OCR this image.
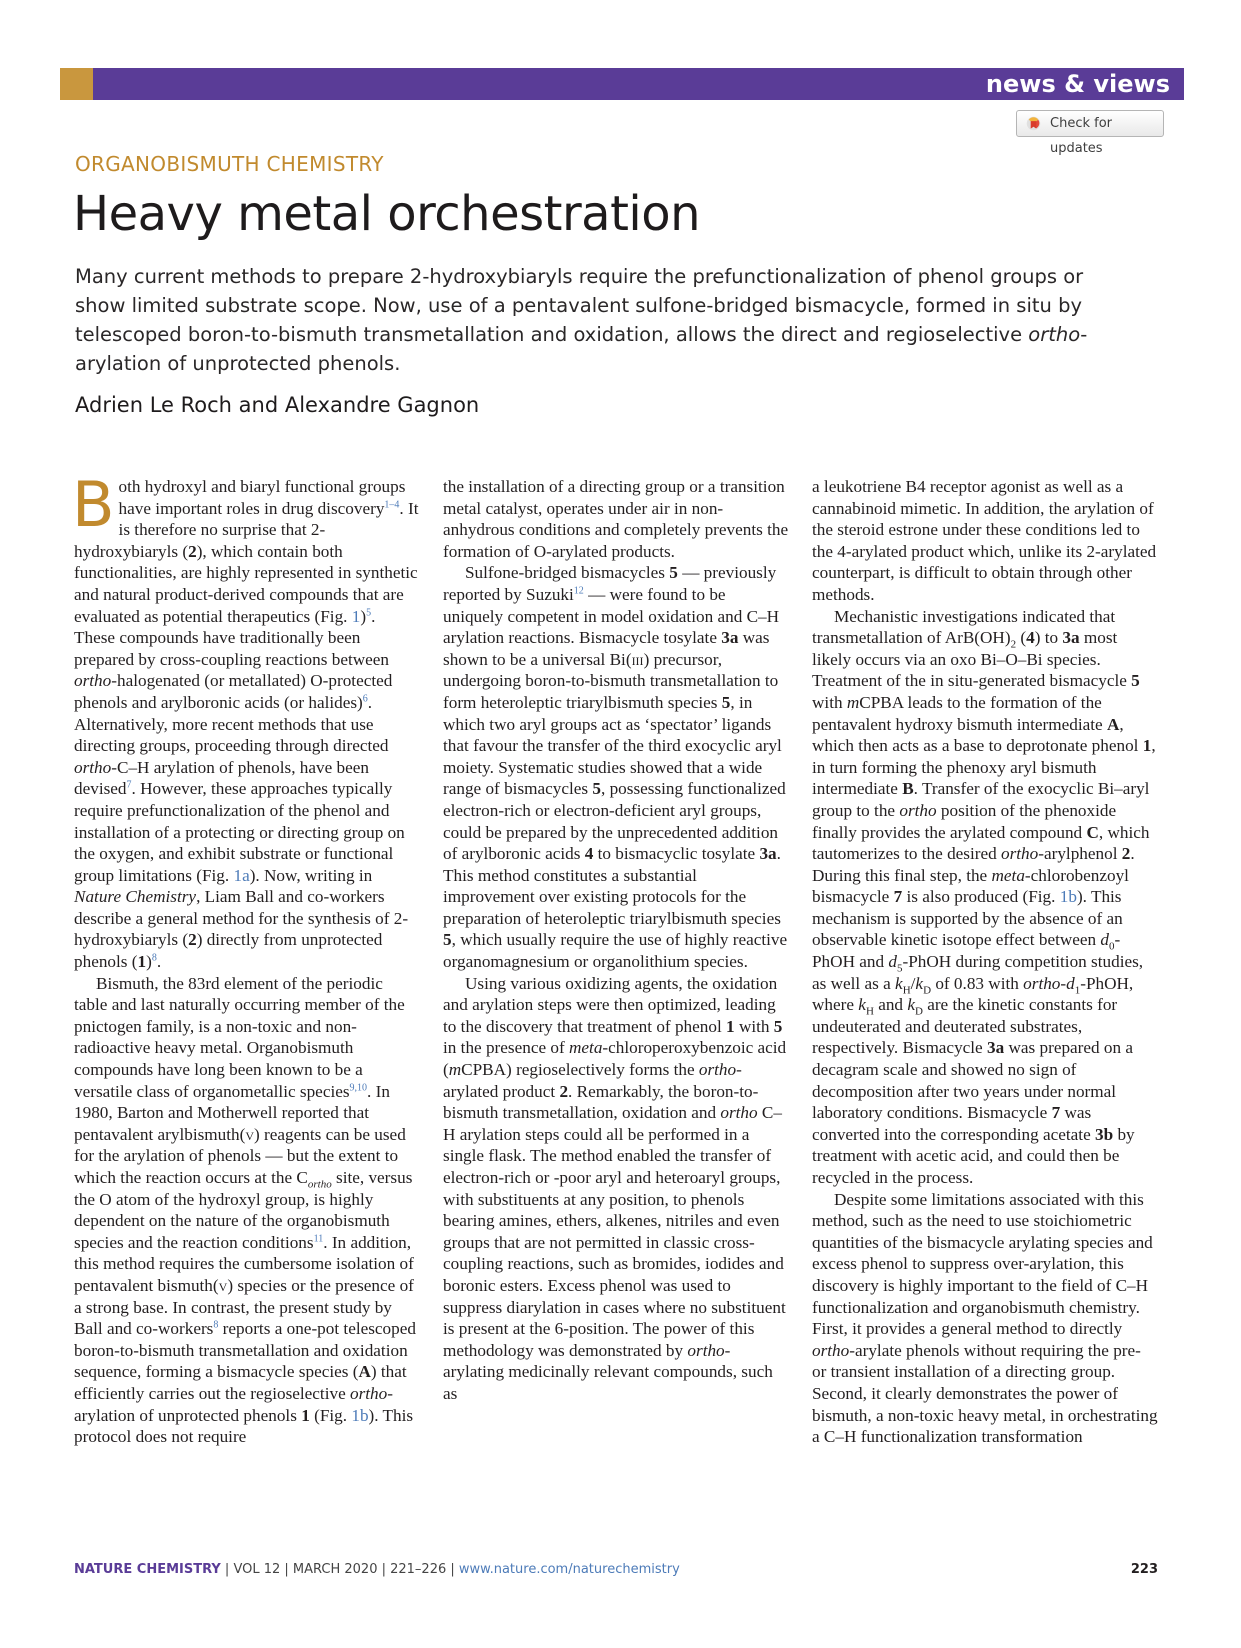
news & views
Check for updates
ORGANOBISMUTH CHEMISTRY
Heavy metal orchestration

Many current methods to prepare 2-hydroxybiaryls require the prefunctionalization of phenol groups or show limited substrate scope. Now, use of a pentavalent sulfone-bridged bismacycle, formed in situ by telescoped boron-to-bismuth transmetallation and oxidation, allows the direct and regioselective ortho-arylation of unprotected phenols.

Adrien Le Roch and Alexandre Gagnon

Both hydroxyl and biaryl functional groups have important roles in drug discovery$^{1-4}$. It is therefore no surprise that 2-hydroxybiaryls (2), which contain both functionalities, are highly represented in synthetic and natural product-derived compounds that are evaluated as potential therapeutics (Fig. 1)$^5$. These compounds have traditionally been prepared by cross-coupling reactions between ortho-halogenated (or metallated) O-protected phenols and arylboronic acids (or halides)$^6$. Alternatively, more recent methods that use directing groups, proceeding through directed ortho-C–H arylation of phenols, have been devised$^7$. However, these approaches typically require prefunctionalization of the phenol and installation of a protecting or directing group on the oxygen, and exhibit substrate or functional group limitations (Fig. 1a). Now, writing in Nature Chemistry, Liam Ball and co-workers describe a general method for the synthesis of 2-hydroxybiaryls (2) directly from unprotected phenols (1)$^8$.

Bismuth, the 83rd element of the periodic table and last naturally occurring member of the pnictogen family, is a non-toxic and non-radioactive heavy metal. Organobismuth compounds have long been known to be a versatile class of organometallic species$^{9,10}$. In 1980, Barton and Motherwell reported that pentavalent arylbismuth(v) reagents can be used for the arylation of phenols — but the extent to which the reaction occurs at the $C_{ortho}$ site, versus the O atom of the hydroxyl group, is highly dependent on the nature of the organobismuth species and the reaction conditions$^{11}$. In addition, this method requires the cumbersome isolation of pentavalent bismuth(v) species or the presence of a strong base. In contrast, the present study by Ball and co-workers$^8$ reports a one-pot telescoped boron-to-bismuth transmetallation and oxidation sequence, forming a bismacycle species (A) that efficiently carries out the regioselective ortho-arylation of unprotected phenols 1 (Fig. 1b). This protocol does not require

the installation of a directing group or a transition metal catalyst, operates under air in non-anhydrous conditions and completely prevents the formation of O-arylated products.

Sulfone-bridged bismacycles 5 — previously reported by Suzuki$^{12}$ — were found to be uniquely competent in model oxidation and C–H arylation reactions. Bismacycle tosylate 3a was shown to be a universal Bi(iii) precursor, undergoing boron-to-bismuth transmetallation to form heteroleptic triarylbismuth species 5, in which two aryl groups act as ‘spectator’ ligands that favour the transfer of the third exocyclic aryl moiety. Systematic studies showed that a wide range of bismacycles 5, possessing functionalized electron-rich or electron-deficient aryl groups, could be prepared by the unprecedented addition of arylboronic acids 4 to bismacyclic tosylate 3a. This method constitutes a substantial improvement over existing protocols for the preparation of heteroleptic triarylbismuth species 5, which usually require the use of highly reactive organomagnesium or organolithium species.

Using various oxidizing agents, the oxidation and arylation steps were then optimized, leading to the discovery that treatment of phenol 1 with 5 in the presence of meta-chloroperoxybenzoic acid (mCPBA) regioselectively forms the ortho-arylated product 2. Remarkably, the boron-to-bismuth transmetallation, oxidation and ortho C–H arylation steps could all be performed in a single flask. The method enabled the transfer of electron-rich or -poor aryl and heteroaryl groups, with substituents at any position, to phenols bearing amines, ethers, alkenes, nitriles and even groups that are not permitted in classic cross-coupling reactions, such as bromides, iodides and boronic esters. Excess phenol was used to suppress diarylation in cases where no substituent is present at the 6-position. The power of this methodology was demonstrated by ortho-arylating medicinally relevant compounds, such as

a leukotriene B4 receptor agonist as well as a cannabinoid mimetic. In addition, the arylation of the steroid estrone under these conditions led to the 4-arylated product which, unlike its 2-arylated counterpart, is difficult to obtain through other methods.

Mechanistic investigations indicated that transmetallation of $ArB(OH)_2$ (4) to 3a most likely occurs via an oxo Bi–O–Bi species. Treatment of the in situ-generated bismacycle 5 with mCPBA leads to the formation of the pentavalent hydroxy bismuth intermediate A, which then acts as a base to deprotonate phenol 1, in turn forming the phenoxy aryl bismuth intermediate B. Transfer of the exocyclic Bi–aryl group to the ortho position of the phenoxide finally provides the arylated compound C, which tautomerizes to the desired ortho-arylphenol 2. During this final step, the meta-chlorobenzoyl bismacycle 7 is also produced (Fig. 1b). This mechanism is supported by the absence of an observable kinetic isotope effect between $d_0$-PhOH and $d_5$-PhOH during competition studies, as well as a $k_H/k_D$ of 0.83 with ortho-$d_1$-PhOH, where $k_H$ and $k_D$ are the kinetic constants for undeuterated and deuterated substrates, respectively. Bismacycle 3a was prepared on a decagram scale and showed no sign of decomposition after two years under normal laboratory conditions. Bismacycle 7 was converted into the corresponding acetate 3b by treatment with acetic acid, and could then be recycled in the process.

Despite some limitations associated with this method, such as the need to use stoichiometric quantities of the bismacycle arylating species and excess phenol to suppress over-arylation, this discovery is highly important to the field of C–H functionalization and organobismuth chemistry. First, it provides a general method to directly ortho-arylate phenols without requiring the pre- or transient installation of a directing group. Second, it clearly demonstrates the power of bismuth, a non-toxic heavy metal, in orchestrating a C–H functionalization transformation

NATURE CHEMISTRY | VOL 12 | MARCH 2020 | 221–226 | www.nature.com/naturechemistry	223
